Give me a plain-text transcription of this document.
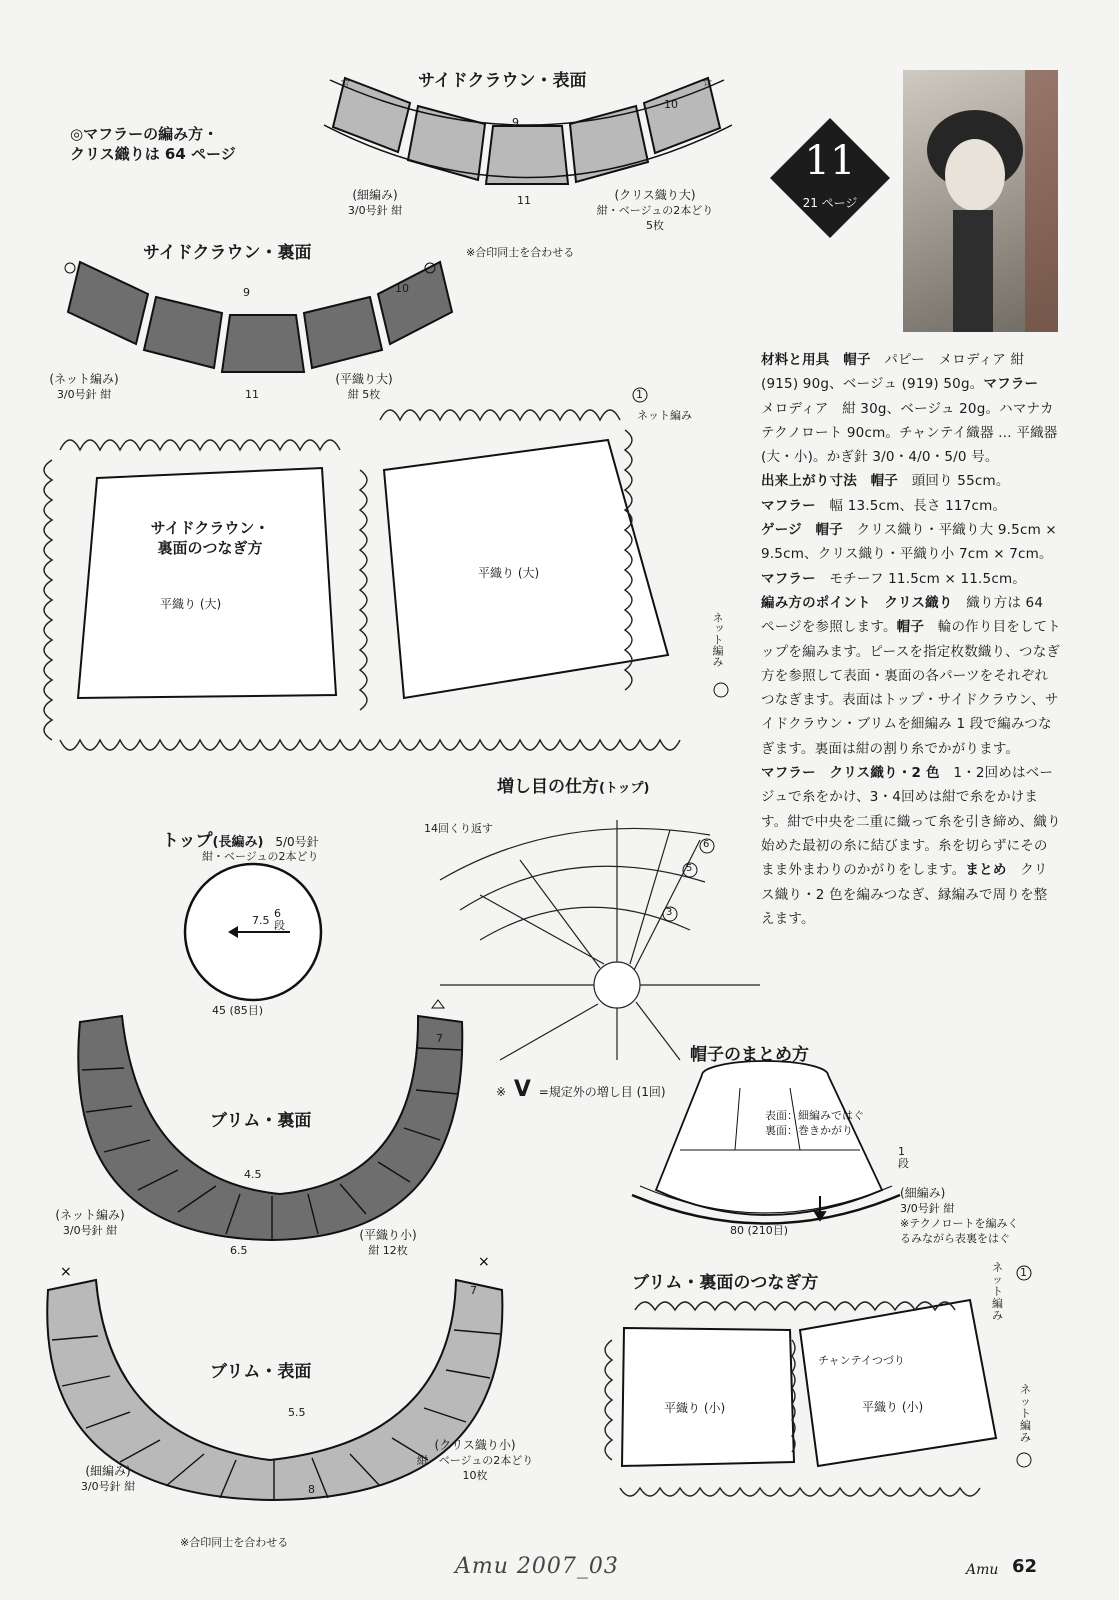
☆	☆
×
×
サイドクラウン・表面
◎マフラーの編み方・
クリス織りは 64 ページ
9
11
10
(細編み)
3/0号針 紺
(クリス織り大)
紺・ベージュの2本どり
5枚
※合印同士を合わせる
サイドクラウン・裏面
9
11
10
(ネット編み)
3/0号針 紺
(平織り大)
紺 5枚
サイドクラウン・
裏面のつなぎ方
平織り (大)
平織り (大)
ネット編み
ネット編み
1
増し目の仕方(トップ)
14回くり返す
6
5
3
※ V =規定外の増し目 (1回)
トップ(長編み) 5/0号針
紺・ベージュの2本どり
7.5
6段
45 (85目)
ブリム・裏面
4.5
6.5
7
(ネット編み)
3/0号針 紺	(平織り小)
紺 12枚
ブリム・表面
5.5
8
7
(細編み)
3/0号針 紺
(クリス織り小)
紺・ベージュの2本どり
10枚
※合印同士を合わせる
帽子のまとめ方
表面：細編みではぐ
裏面：巻きかがり
1段
(細編み)
3/0号針 紺
※テクノロートを編みく
るみながら表裏をはぐ
80 (210目)
ブリム・裏面のつなぎ方
チャンテイつづり
平織り (小)	平織り (小)
ネット編み
ネット編み
1
11
21 ページ

材料と用具　 帽子　 パピー　メロディア 紺 (915) 90g、ベージュ (919) 50g。マフラー　メロディア　紺 30g、ベージュ 20g。ハマナカテクノロート 90cm。チャンテイ織器 … 平織器 (大・小)。かぎ針 3/0・4/0・5/0 号。

出来上がり寸法　 帽子　 頭回り 55cm。

マフラー　 幅 13.5cm、長さ 117cm。

ゲージ　 帽子　 クリス織り・平織り大 9.5cm × 9.5cm、クリス織り・平織り小 7cm × 7cm。マフラー　 モチーフ 11.5cm × 11.5cm。

編み方のポイント　 クリス織り　 織り方は 64 ページを参照します。帽子　 輪の作り目をしてトップを編みます。ピースを指定枚数織り、つなぎ方を参照して表面・裏面の各パーツをそれぞれつなぎます。表面はトップ・サイドクラウン、サイドクラウン・ブリムを細編み 1 段で編みつなぎます。裏面は紺の割り糸でかがります。

マフラー　 クリス織り・2 色　 1・2回めはベージュで糸をかけ、3・4回めは紺で糸をかけます。紺で中央を二重に織って糸を引き締め、織り始めた最初の糸に結びます。糸を切らずにそのまま外まわりのかがりをします。まとめ　 クリス織り・2 色を編みつなぎ、縁編みで周りを整えます。

Amu 2007_03	Amu 62
